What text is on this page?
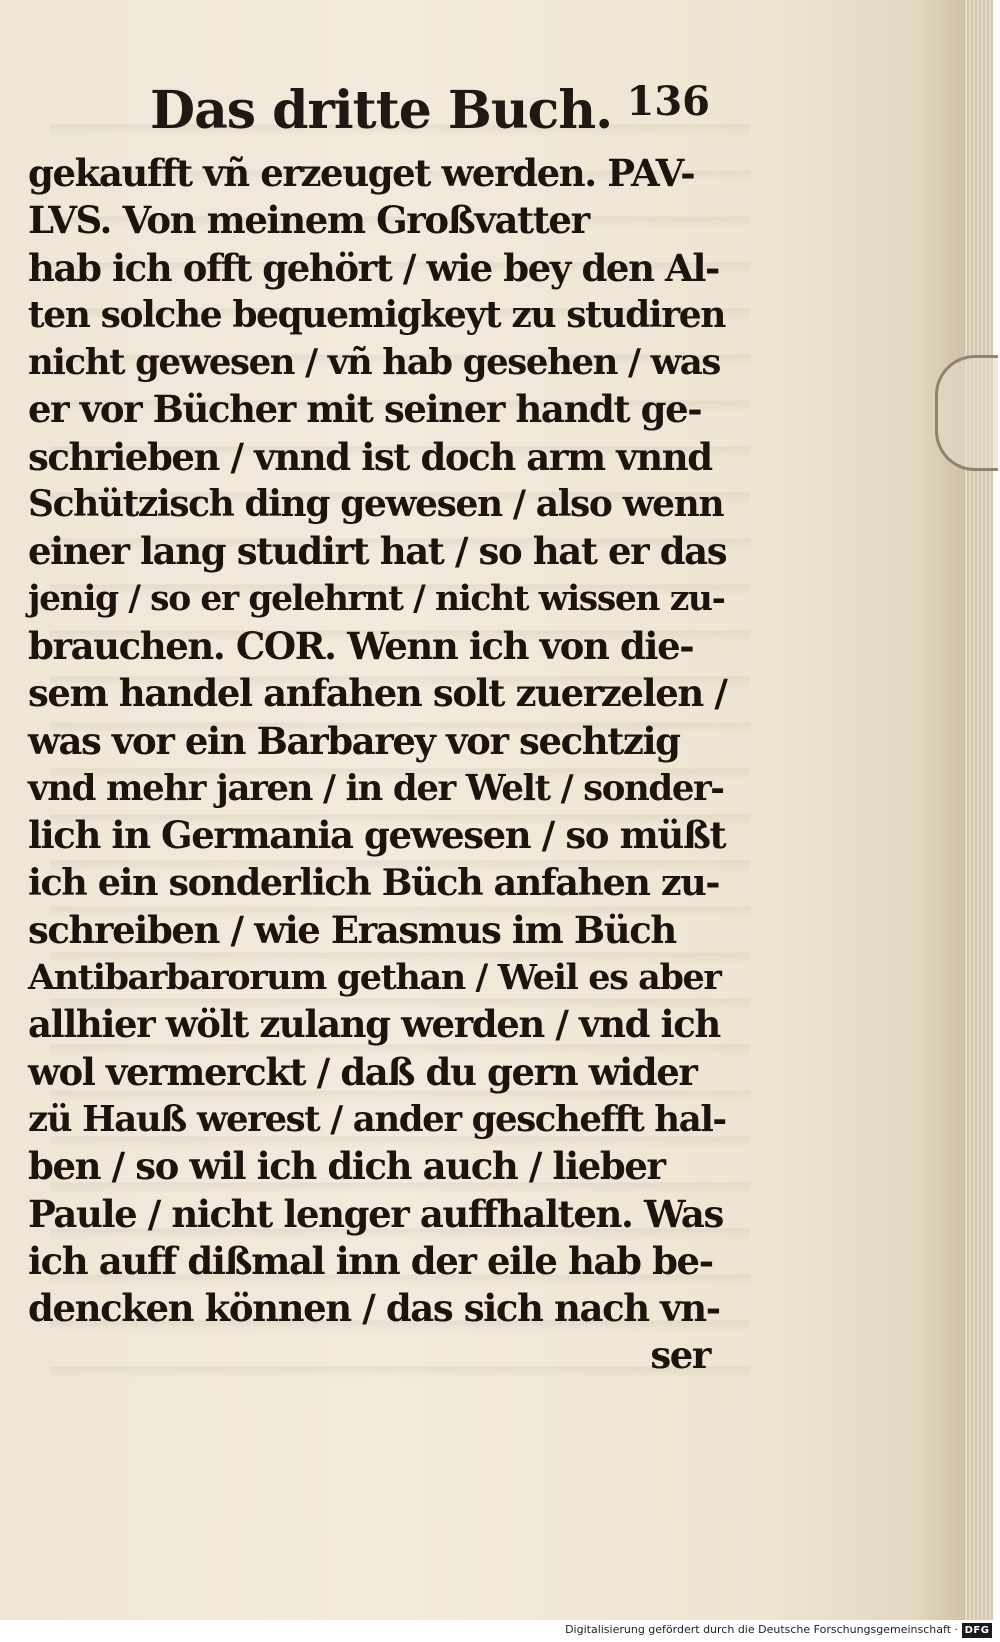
Das dritte Buch. 136
gekaufft vñ erzeuget werden. PAV-
LVS. Von meinem Großvatter
hab ich offt gehört / wie bey den Al-
ten solche bequemigkeyt zu studiren
nicht gewesen / vñ hab gesehen / was
er vor Bücher mit seiner handt ge-
schrieben / vnnd ist doch arm vnnd
Schützisch ding gewesen / also wenn
einer lang studirt hat / so hat er das
jenig / so er gelehrnt / nicht wissen zu-
brauchen. COR. Wenn ich von die-
sem handel anfahen solt zuerzelen /
was vor ein Barbarey vor sechtzig
vnd mehr jaren / in der Welt / sonder-
lich in Germania gewesen / so müßt
ich ein sonderlich Büch anfahen zu-
schreiben / wie Erasmus im Büch
Antibarbarorum gethan / Weil es aber
allhier wölt zulang werden / vnd ich
wol vermerckt / daß du gern wider
zü Hauß werest / ander geschefft hal-
ben / so wil ich dich auch / lieber
Paule / nicht lenger auffhalten. Was
ich auff dißmal inn der eile hab be-
dencken können / das sich nach vn-
ser
Digitalisierung gefördert durch die Deutsche Forschungsgemeinschaft · DFG
